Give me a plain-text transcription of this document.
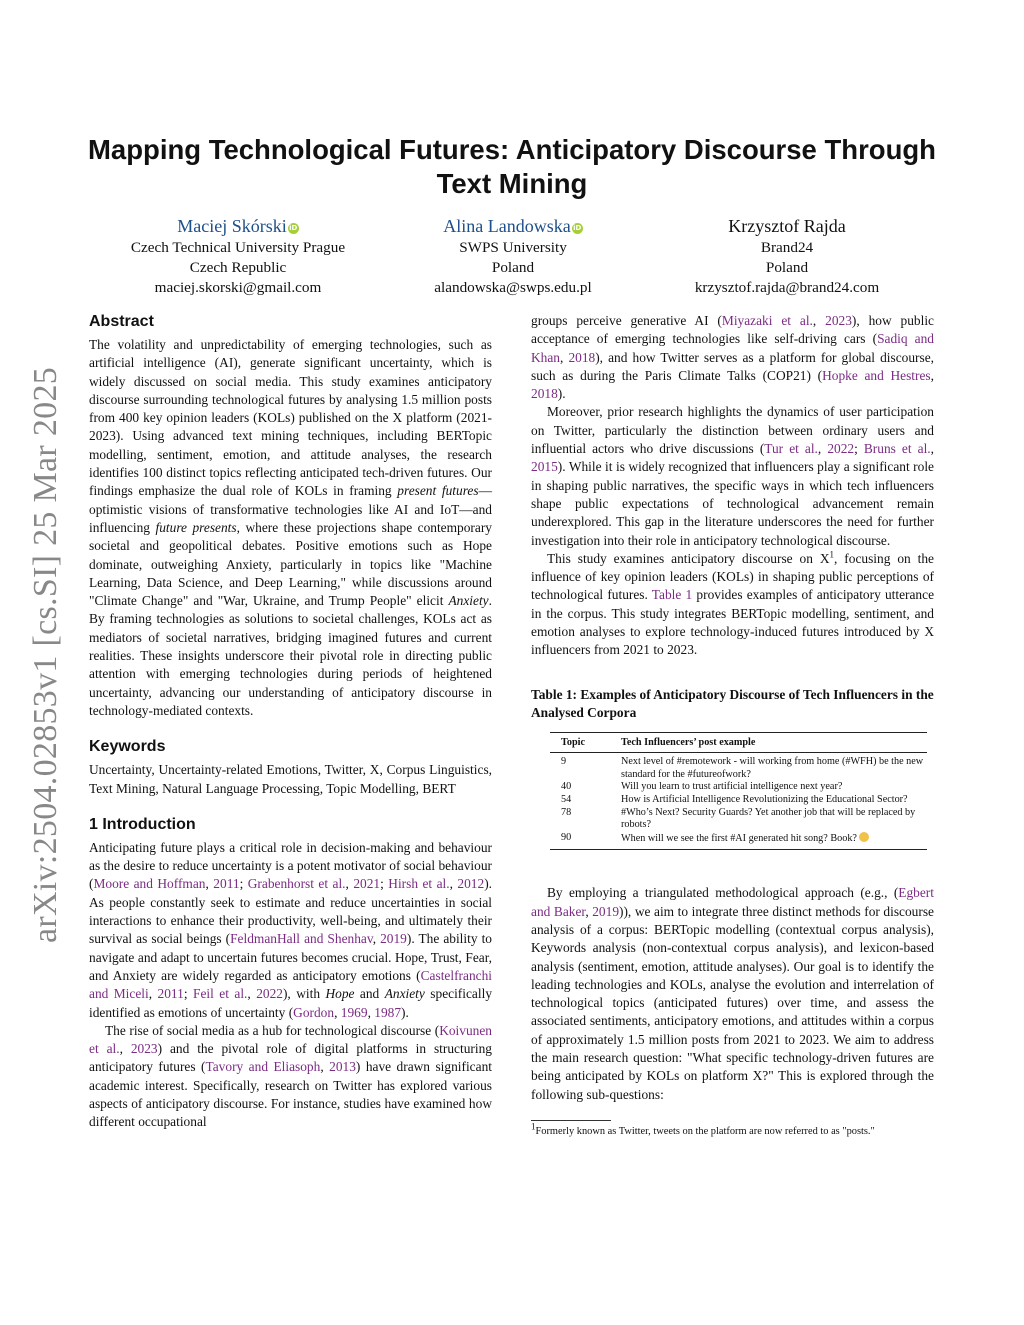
arXiv:2504.02853v1 [cs.SI] 25 Mar 2025
Mapping Technological Futures: Anticipatory Discourse Through Text Mining
Maciej Skórski iD
Czech Technical University Prague
Czech Republic
maciej.skorski@gmail.com
Alina Landowska iD
SWPS University
Poland
alandowska@swps.edu.pl
Krzysztof Rajda
Brand24
Poland
krzysztof.rajda@brand24.com
Abstract

The volatility and unpredictability of emerging technologies, such as artificial intelligence (AI), generate significant uncertainty, which is widely discussed on social media. This study examines anticipatory discourse surrounding technological futures by analysing 1.5 million posts from 400 key opinion leaders (KOLs) published on the X platform (2021-2023). Using advanced text mining techniques, including BERTopic modelling, sentiment, emotion, and attitude analyses, the research identifies 100 distinct topics reflecting anticipated tech-driven futures. Our findings emphasize the dual role of KOLs in framing present futures—optimistic visions of transformative technologies like AI and IoT—and influencing future presents, where these projections shape contemporary societal and geopolitical debates. Positive emotions such as Hope dominate, outweighing Anxiety, particularly in topics like "Machine Learning, Data Science, and Deep Learning," while discussions around "Climate Change" and "War, Ukraine, and Trump People" elicit Anxiety. By framing technologies as solutions to societal challenges, KOLs act as mediators of societal narratives, bridging imagined futures and current realities. These insights underscore their pivotal role in directing public attention with emerging technologies during periods of heightened uncertainty, advancing our understanding of anticipatory discourse in technology-mediated contexts.

Keywords

Uncertainty, Uncertainty-related Emotions, Twitter, X, Corpus Linguistics, Text Mining, Natural Language Processing, Topic Modelling, BERT

1 Introduction

Anticipating future plays a critical role in decision-making and behaviour as the desire to reduce uncertainty is a potent motivator of social behaviour (Moore and Hoffman, 2011; Grabenhorst et al., 2021; Hirsh et al., 2012). As people constantly seek to estimate and reduce uncertainties in social interactions to enhance their productivity, well-being, and ultimately their survival as social beings (FeldmanHall and Shenhav, 2019). The ability to navigate and adapt to uncertain futures becomes crucial. Hope, Trust, Fear, and Anxiety are widely regarded as anticipatory emotions (Castelfranchi and Miceli, 2011; Feil et al., 2022), with Hope and Anxiety specifically identified as emotions of uncertainty (Gordon, 1969, 1987).

The rise of social media as a hub for technological discourse (Koivunen et al., 2023) and the pivotal role of digital platforms in structuring anticipatory futures (Tavory and Eliasoph, 2013) have drawn significant academic interest. Specifically, research on Twitter has explored various aspects of anticipatory discourse. For instance, studies have examined how different occupational

groups perceive generative AI (Miyazaki et al., 2023), how public acceptance of emerging technologies like self-driving cars (Sadiq and Khan, 2018), and how Twitter serves as a platform for global discourse, such as during the Paris Climate Talks (COP21) (Hopke and Hestres, 2018).

Moreover, prior research highlights the dynamics of user participation on Twitter, particularly the distinction between ordinary users and influential actors who drive discussions (Tur et al., 2022; Bruns et al., 2015). While it is widely recognized that influencers play a significant role in shaping public narratives, the specific ways in which tech influencers shape public expectations of technological advancement remain underexplored. This gap in the literature underscores the need for further investigation into their role in anticipatory technological discourse.

This study examines anticipatory discourse on $X^1$, focusing on the influence of key opinion leaders (KOLs) in shaping public perceptions of technological futures. Table 1 provides examples of anticipatory utterance in the corpus. This study integrates BERTopic modelling, sentiment, and emotion analyses to explore technology-induced futures introduced by X influencers from 2021 to 2023.

Table 1: Examples of Anticipatory Discourse of Tech Influencers in the Analysed Corpora
Topic	Tech Influencers’ post example
9	Next level of #remotework - will working from home (#WFH) be the new standard for the #futureofwork?
40	Will you learn to trust artificial intelligence next year?
54	How is Artificial Intelligence Revolutionizing the Educational Sector?
78	#Who’s Next? Security Guards? Yet another job that will be replaced by robots?
90	When will we see the first #AI generated hit song? Book?

By employing a triangulated methodological approach (e.g., (Egbert and Baker, 2019)), we aim to integrate three distinct methods for discourse analysis of a corpus: BERTopic modelling (contextual corpus analysis), Keywords analysis (non-contextual corpus analysis), and lexicon-based analysis (sentiment, emotion, attitude analyses). Our goal is to identify the leading technologies and KOLs, analyse the evolution and interrelation of technological topics (anticipated futures) over time, and assess the associated sentiments, anticipatory emotions, and attitudes within a corpus of approximately 1.5 million posts from 2021 to 2023. We aim to address the main research question: "What specific technology-driven futures are being anticipated by KOLs on platform X?" This is explored through the following sub-questions:

$^1$Formerly known as Twitter, tweets on the platform are now referred to as "posts."
